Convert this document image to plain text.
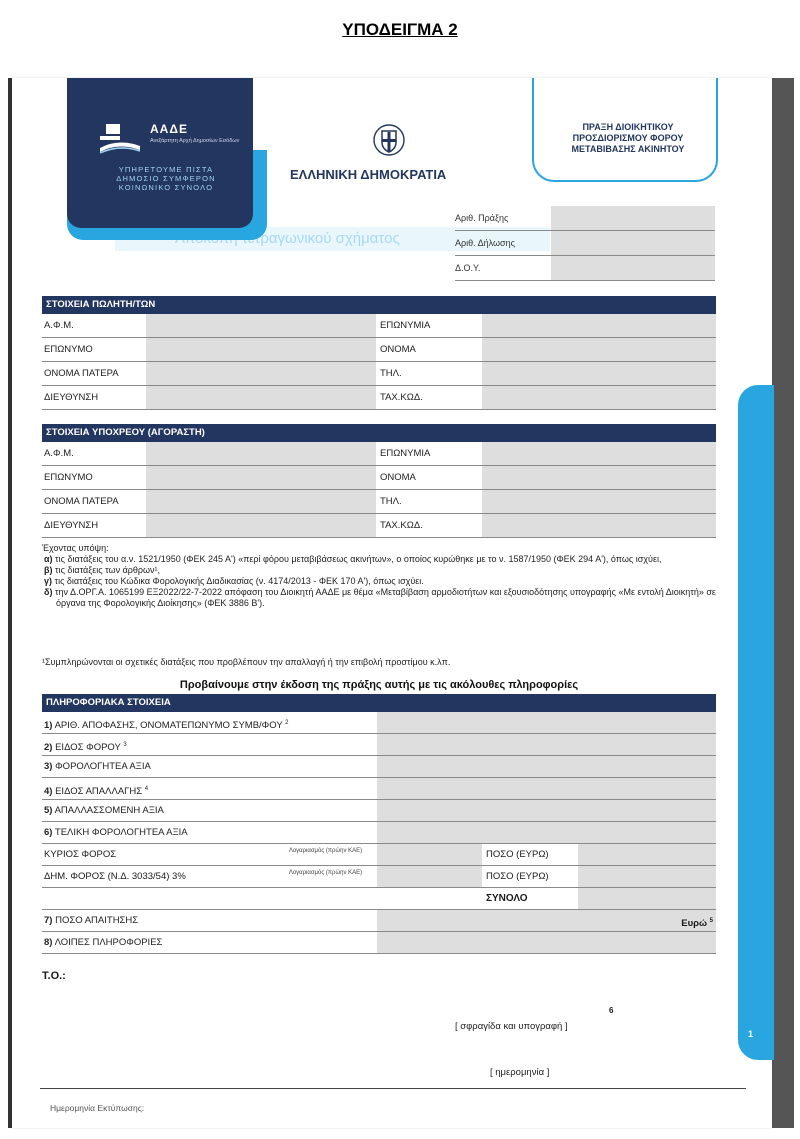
ΥΠΟΔΕΙΓΜΑ 2
1
ΑΑΔΕ
Ανεξάρτητη Αρχή Δημοσίων Εσόδων
ΥΠΗΡΕΤΟΥΜΕ ΠΙΣΤΑ
ΔΗΜΟΣΙΟ ΣΥΜΦΕΡΟΝ
ΚΟΙΝΩΝΙΚΟ ΣΥΝΟΛΟ
ΕΛΛΗΝΙΚΗ ΔΗΜΟΚΡΑΤΙΑ
ΠΡΑΞΗ ΔΙΟΙΚΗΤΙΚΟΥ ΠΡΟΣΔΙΟΡΙΣΜΟΥ ΦΟΡΟΥ ΜΕΤΑΒΙΒΑΣΗΣ ΑΚΙΝΗΤΟΥ
Αποκοπή τετραγωνικού σχήματος
Αριθ. Πράξης
Αριθ. Δήλωσης
Δ.Ο.Υ.
ΣΤΟΙΧΕΙΑ ΠΩΛΗΤΗ/ΤΩΝ
Α.Φ.Μ.	ΕΠΩΝΥΜΙΑ
ΕΠΩΝΥΜΟ	ΟΝΟΜΑ
ΟΝΟΜΑ ΠΑΤΕΡΑ	ΤΗΛ.
ΔΙΕΥΘΥΝΣΗ	ΤΑΧ.ΚΩΔ.
ΣΤΟΙΧΕΙΑ ΥΠΟΧΡΕΟΥ (ΑΓΟΡΑΣΤΗ)
Α.Φ.Μ.	ΕΠΩΝΥΜΙΑ
ΕΠΩΝΥΜΟ	ΟΝΟΜΑ
ΟΝΟΜΑ ΠΑΤΕΡΑ	ΤΗΛ.
ΔΙΕΥΘΥΝΣΗ	ΤΑΧ.ΚΩΔ.
Έχοντας υπόψη:
α) τις διατάξεις του α.ν. 1521/1950 (ΦΕΚ 245 Α') «περί φόρου μεταβιβάσεως ακινήτων», ο οποίος κυρώθηκε με το ν. 1587/1950 (ΦΕΚ 294 Α'), όπως ισχύει,
β) τις διατάξεις των άρθρων¹,
γ) τις διατάξεις του Κώδικα Φορολογικής Διαδικασίας (ν. 4174/2013 - ΦΕΚ 170 Α'), όπως ισχύει.
δ) την Δ.ΟΡΓ.Α. 1065199 ΕΞ2022/22-7-2022 απόφαση του Διοικητή ΑΑΔΕ με θέμα «Μεταβίβαση αρμοδιοτήτων και εξουσιοδότησης υπογραφής «Με εντολή Διοικητή» σε όργανα της Φορολογικής Διοίκησης» (ΦΕΚ 3886 Β').
¹Συμπληρώνονται οι σχετικές διατάξεις που προβλέπουν την απαλλαγή ή την επιβολή προστίμου κ.λπ.
Προβαίνουμε στην έκδοση της πράξης αυτής με τις ακόλουθες πληροφορίες
ΠΛΗΡΟΦΟΡΙΑΚΑ ΣΤΟΙΧΕΙΑ
1) ΑΡΙΘ. ΑΠΟΦΑΣΗΣ, ΟΝΟΜΑΤΕΠΩΝΥΜΟ ΣΥΜΒ/ΦΟΥ $^2$
2) ΕΙΔΟΣ ΦΟΡΟΥ $^3$
3) ΦΟΡΟΛΟΓΗΤΕΑ ΑΞΙΑ
4) ΕΙΔΟΣ ΑΠΑΛΛΑΓΗΣ $^4$
5) ΑΠΑΛΛΑΣΣΟΜΕΝΗ ΑΞΙΑ
6) ΤΕΛΙΚΗ ΦΟΡΟΛΟΓΗΤΕΑ ΑΞΙΑ
ΚΥΡΙΟΣ ΦΟΡΟΣ	Λογαριασμός (πρώην ΚΑΕ)	ΠΟΣΟ (ΕΥΡΩ)
ΔΗΜ. ΦΟΡΟΣ (Ν.Δ. 3033/54) 3%	Λογαριασμός (πρώην ΚΑΕ)	ΠΟΣΟ (ΕΥΡΩ)
ΣΥΝΟΛΟ
7) ΠΟΣΟ ΑΠΑΙΤΗΣΗΣ	Ευρώ $^5$
8) ΛΟΙΠΕΣ ΠΛΗΡΟΦΟΡΙΕΣ
Τ.Ο.:
6
[ σφραγίδα και υπογραφή ]
[ ημερομηνία ]
Ημερομηνία Εκτύπωσης:
